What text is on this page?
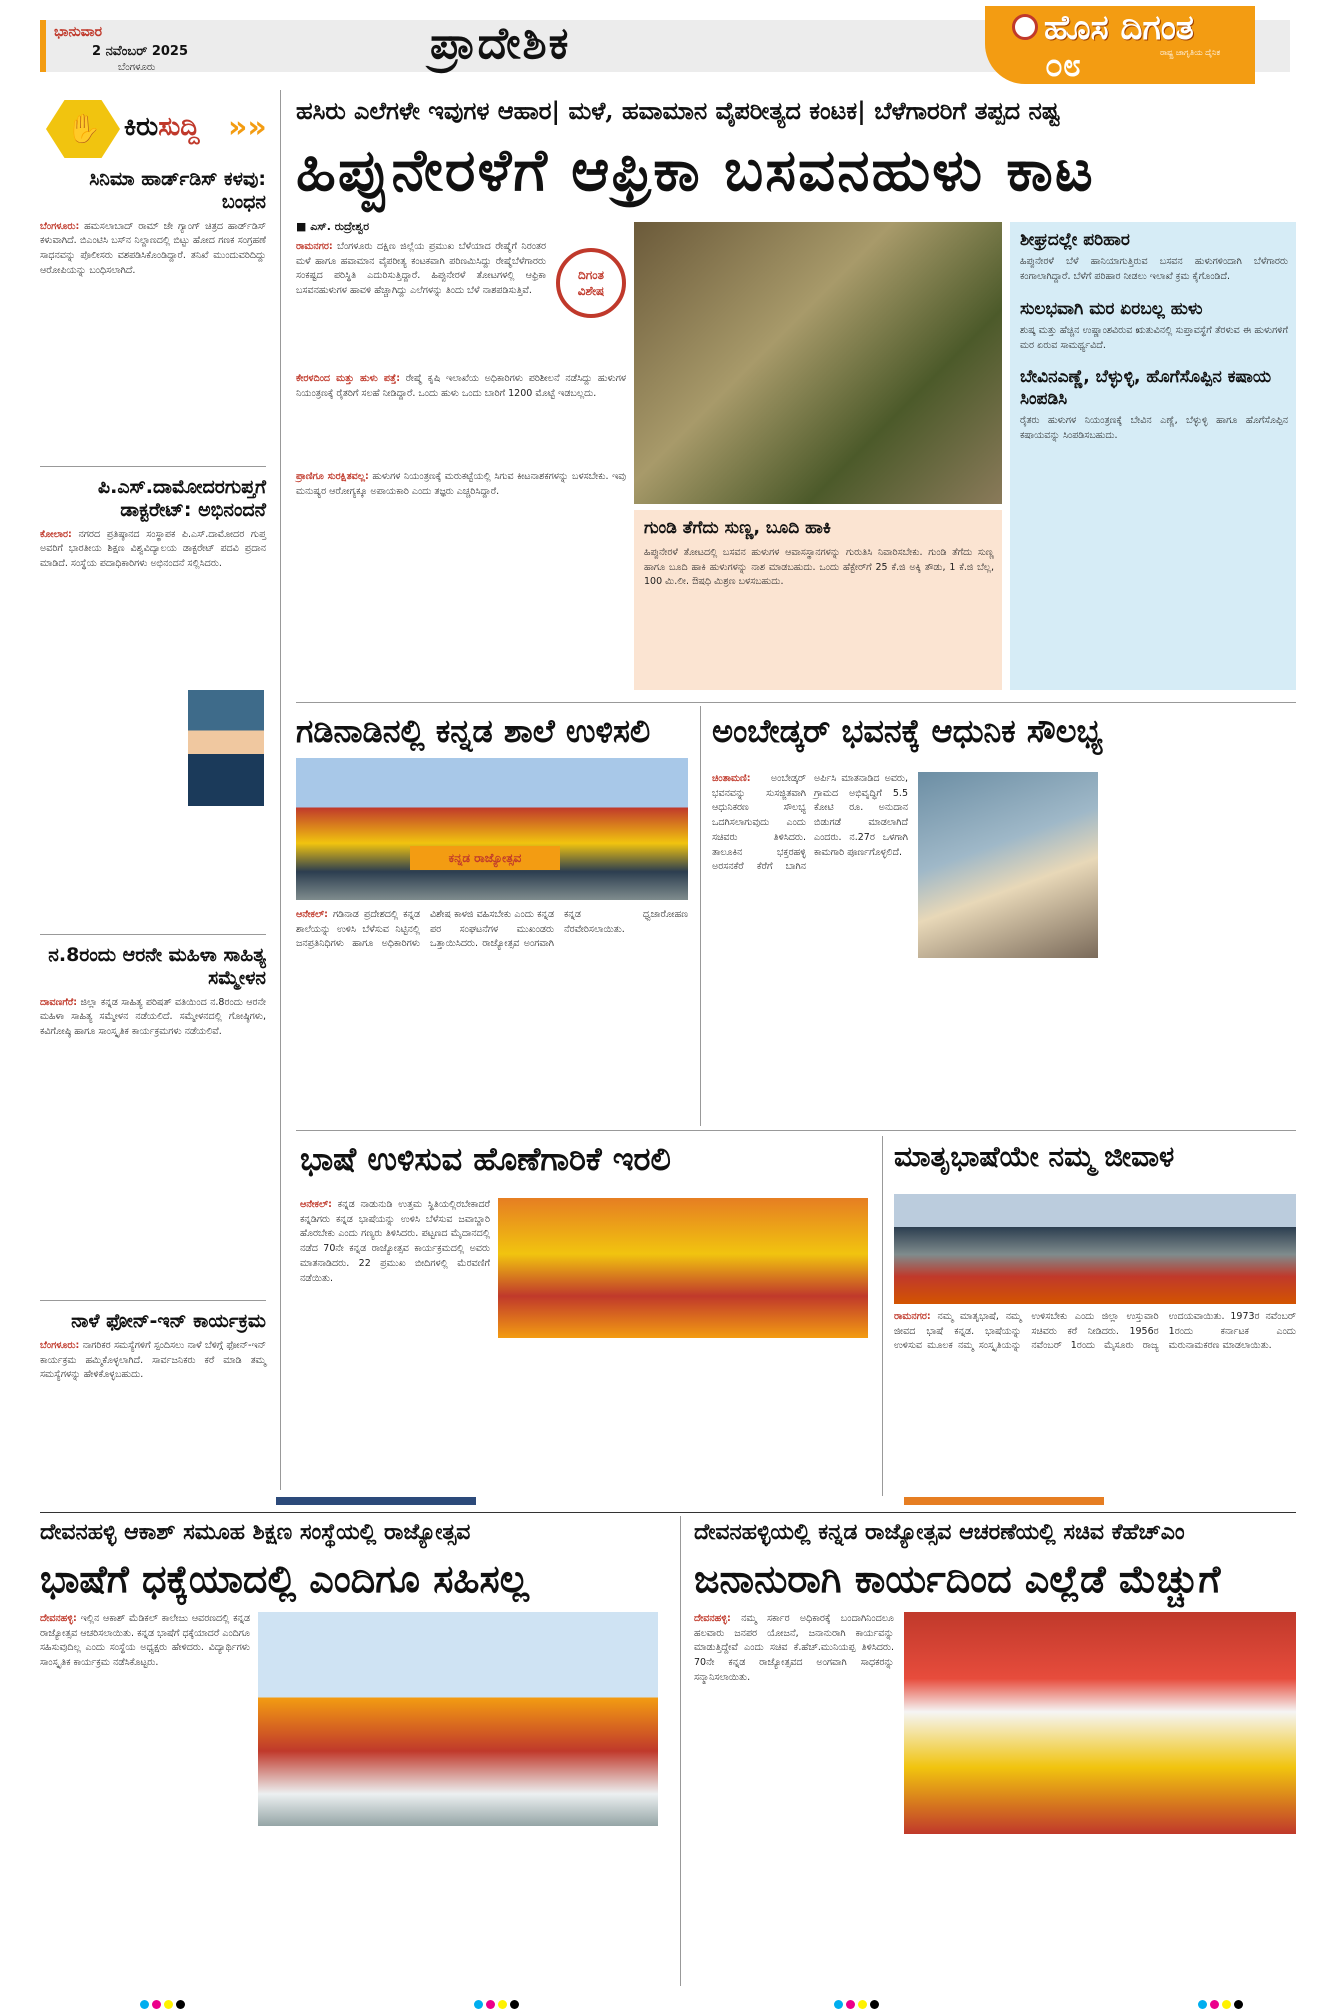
ಭಾನುವಾರ
2 ನವೆಂಬರ್ 2025
ಬೆಂಗಳೂರು	ಪ್ರಾದೇಶಿಕ	ಹೊಸ ದಿಗಂತ
೦೮	ರಾಷ್ಟ್ರ ಜಾಗೃತಿಯ ದೈನಿಕ
✋ ಕಿರುಸುದ್ದಿ »»
ಸಿನಿಮಾ ಹಾರ್ಡ್‌ಡಿಸ್ ಕಳವು: ಬಂಧನ
ಬೆಂಗಳೂರು: ಹಮಸಲಾಬಾದ್ ರಾಮ್ ಜೇ ಗ್ಯಾಂಗ್ ಚಿತ್ರದ ಹಾರ್ಡ್‌ಡಿಸ್ ಕಳುವಾಗಿದೆ. ಬಿಎಂಟಿಸಿ ಬಸ್‌ನ ನಿಲ್ದಾಣದಲ್ಲಿ ಬಿಟ್ಟು ಹೋದ ಗಣಕ ಸಂಗ್ರಹಣೆ ಸಾಧನವನ್ನು ಪೊಲೀಸರು ವಶಪಡಿಸಿಕೊಂಡಿದ್ದಾರೆ. ತನಿಖೆ ಮುಂದುವರಿದಿದ್ದು ಆರೋಪಿಯನ್ನು ಬಂಧಿಸಲಾಗಿದೆ.
ಪಿ.ಎಸ್.ದಾಮೋದರಗುಪ್ತಗೆ ಡಾಕ್ಟರೇಟ್: ಅಭಿನಂದನೆ
ಕೋಲಾರ: ನಗರದ ಪ್ರತಿಷ್ಠಾನದ ಸಂಸ್ಥಾಪಕ ಪಿ.ಎಸ್.ದಾಮೋದರ ಗುಪ್ತ ಅವರಿಗೆ ಭಾರತೀಯ ಶಿಕ್ಷಣ ವಿಶ್ವವಿದ್ಯಾಲಯ ಡಾಕ್ಟರೇಟ್ ಪದವಿ ಪ್ರದಾನ ಮಾಡಿದೆ. ಸಂಸ್ಥೆಯ ಪದಾಧಿಕಾರಿಗಳು ಅಭಿನಂದನೆ ಸಲ್ಲಿಸಿದರು.
ನ.8ರಂದು ಆರನೇ ಮಹಿಳಾ ಸಾಹಿತ್ಯ ಸಮ್ಮೇಳನ
ದಾವಣಗೆರೆ: ಜಿಲ್ಲಾ ಕನ್ನಡ ಸಾಹಿತ್ಯ ಪರಿಷತ್ ವತಿಯಿಂದ ನ.8ರಂದು ಆರನೇ ಮಹಿಳಾ ಸಾಹಿತ್ಯ ಸಮ್ಮೇಳನ ನಡೆಯಲಿದೆ. ಸಮ್ಮೇಳನದಲ್ಲಿ ಗೋಷ್ಠಿಗಳು, ಕವಿಗೋಷ್ಠಿ ಹಾಗೂ ಸಾಂಸ್ಕೃತಿಕ ಕಾರ್ಯಕ್ರಮಗಳು ನಡೆಯಲಿವೆ.
ನಾಳೆ ಫೋನ್-ಇನ್ ಕಾರ್ಯಕ್ರಮ
ಬೆಂಗಳೂರು: ನಾಗರಿಕರ ಸಮಸ್ಯೆಗಳಿಗೆ ಸ್ಪಂದಿಸಲು ನಾಳೆ ಬೆಳಿಗ್ಗೆ ಫೋನ್-ಇನ್ ಕಾರ್ಯಕ್ರಮ ಹಮ್ಮಿಕೊಳ್ಳಲಾಗಿದೆ. ಸಾರ್ವಜನಿಕರು ಕರೆ ಮಾಡಿ ತಮ್ಮ ಸಮಸ್ಯೆಗಳನ್ನು ಹೇಳಿಕೊಳ್ಳಬಹುದು.
ಹಸಿರು ಎಲೆಗಳೇ ಇವುಗಳ ಆಹಾರ| ಮಳೆ, ಹವಾಮಾನ ವೈಪರೀತ್ಯದ ಕಂಟಕ| ಬೆಳೆಗಾರರಿಗೆ ತಪ್ಪದ ನಷ್ಟ
ಹಿಪ್ಪುನೇರಳೆಗೆ ಆಫ್ರಿಕಾ ಬಸವನಹುಳು ಕಾಟ
■ ಎಸ್. ರುದ್ರೇಶ್ವರ
ದಿಗಂತ
ವಿಶೇಷ
ರಾಮನಗರ: ಬೆಂಗಳೂರು ದಕ್ಷಿಣ ಜಿಲ್ಲೆಯ ಪ್ರಮುಖ ಬೆಳೆಯಾದ ರೇಷ್ಮೆಗೆ ನಿರಂತರ ಮಳೆ ಹಾಗೂ ಹವಾಮಾನ ವೈಪರೀತ್ಯ ಕಂಟಕವಾಗಿ ಪರಿಣಮಿಸಿದ್ದು ರೇಷ್ಮೆಬೆಳೆಗಾರರು ಸಂಕಷ್ಟದ ಪರಿಸ್ಥಿತಿ ಎದುರಿಸುತ್ತಿದ್ದಾರೆ. ಹಿಪ್ಪುನೇರಳೆ ತೋಟಗಳಲ್ಲಿ ಆಫ್ರಿಕಾ ಬಸವನಹುಳುಗಳ ಹಾವಳಿ ಹೆಚ್ಚಾಗಿದ್ದು ಎಲೆಗಳನ್ನು ತಿಂದು ಬೆಳೆ ನಾಶಪಡಿಸುತ್ತಿವೆ.
ಕೇರಳದಿಂದ ಮತ್ತು ಹುಳು ಪತ್ತೆ: ರೇಷ್ಮೆ ಕೃಷಿ ಇಲಾಖೆಯ ಅಧಿಕಾರಿಗಳು ಪರಿಶೀಲನೆ ನಡೆಸಿದ್ದು ಹುಳುಗಳ ನಿಯಂತ್ರಣಕ್ಕೆ ರೈತರಿಗೆ ಸಲಹೆ ನೀಡಿದ್ದಾರೆ. ಒಂದು ಹುಳು ಒಂದು ಬಾರಿಗೆ 1200 ಮೊಟ್ಟೆ ಇಡಬಲ್ಲದು.
ಪ್ರಾಣಿಗೂ ಸುರಕ್ಷಿತವಲ್ಲ: ಹುಳುಗಳ ನಿಯಂತ್ರಣಕ್ಕೆ ಮರುಕಟ್ಟೆಯಲ್ಲಿ ಸಿಗುವ ಕೀಟನಾಶಕಗಳನ್ನು ಬಳಸಬೇಕು. ಇವು ಮನುಷ್ಯರ ಆರೋಗ್ಯಕ್ಕೂ ಅಪಾಯಕಾರಿ ಎಂದು ತಜ್ಞರು ಎಚ್ಚರಿಸಿದ್ದಾರೆ.
ಗುಂಡಿ ತೆಗೆದು ಸುಣ್ಣ, ಬೂದಿ ಹಾಕಿ
ಹಿಪ್ಪುನೇರಳೆ ತೋಟದಲ್ಲಿ ಬಸವನ ಹುಳುಗಳ ಆವಾಸಸ್ಥಾನಗಳನ್ನು ಗುರುತಿಸಿ ನಿವಾರಿಸಬೇಕು. ಗುಂಡಿ ತೆಗೆದು ಸುಣ್ಣ ಹಾಗೂ ಬೂದಿ ಹಾಕಿ ಹುಳುಗಳನ್ನು ನಾಶ ಮಾಡಬಹುದು. ಒಂದು ಹೆಕ್ಟೇರ್‌ಗೆ 25 ಕೆ.ಜಿ ಅಕ್ಕಿ ತೌಡು, 1 ಕೆ.ಜಿ ಬೆಲ್ಲ, 100 ಮಿ.ಲೀ. ಔಷಧಿ ಮಿಶ್ರಣ ಬಳಸಬಹುದು.
ಶೀಘ್ರದಲ್ಲೇ ಪರಿಹಾರ
ಹಿಪ್ಪುನೇರಳೆ ಬೆಳೆ ಹಾನಿಯಾಗುತ್ತಿರುವ ಬಸವನ ಹುಳುಗಳಿಂದಾಗಿ ಬೆಳೆಗಾರರು ಕಂಗಾಲಾಗಿದ್ದಾರೆ. ಬೆಳೆಗೆ ಪರಿಹಾರ ನೀಡಲು ಇಲಾಖೆ ಕ್ರಮ ಕೈಗೊಂಡಿದೆ.
ಸುಲಭವಾಗಿ ಮರ ಏರಬಲ್ಲ ಹುಳು
ಶುಷ್ಕ ಮತ್ತು ಹೆಚ್ಚಿನ ಉಷ್ಣಾಂಶವಿರುವ ಋತುವಿನಲ್ಲಿ ಸುಪ್ತಾವಸ್ಥೆಗೆ ತೆರಳುವ ಈ ಹುಳುಗಳಿಗೆ ಮರ ಏರುವ ಸಾಮರ್ಥ್ಯವಿದೆ.
ಬೇವಿನಎಣ್ಣೆ, ಬೆಳ್ಳುಳ್ಳಿ, ಹೊಗೆಸೊಪ್ಪಿನ ಕಷಾಯ ಸಿಂಪಡಿಸಿ
ರೈತರು ಹುಳುಗಳ ನಿಯಂತ್ರಣಕ್ಕೆ ಬೇವಿನ ಎಣ್ಣೆ, ಬೆಳ್ಳುಳ್ಳಿ ಹಾಗೂ ಹೊಗೆಸೊಪ್ಪಿನ ಕಷಾಯವನ್ನು ಸಿಂಪಡಿಸಬಹುದು.
ಗಡಿನಾಡಿನಲ್ಲಿ ಕನ್ನಡ ಶಾಲೆ ಉಳಿಸಲಿ
ಕನ್ನಡ ರಾಜ್ಯೋತ್ಸವ
ಆನೇಕಲ್: ಗಡಿನಾಡ ಪ್ರದೇಶದಲ್ಲಿ ಕನ್ನಡ ಶಾಲೆಯನ್ನು ಉಳಿಸಿ ಬೆಳೆಸುವ ನಿಟ್ಟಿನಲ್ಲಿ ಜನಪ್ರತಿನಿಧಿಗಳು ಹಾಗೂ ಅಧಿಕಾರಿಗಳು ವಿಶೇಷ ಕಾಳಜಿ ವಹಿಸಬೇಕು ಎಂದು ಕನ್ನಡ ಪರ ಸಂಘಟನೆಗಳ ಮುಖಂಡರು ಒತ್ತಾಯಿಸಿದರು. ರಾಜ್ಯೋತ್ಸವ ಅಂಗವಾಗಿ ಕನ್ನಡ ಧ್ವಜಾರೋಹಣ ನೆರವೇರಿಸಲಾಯಿತು.
ಅಂಬೇಡ್ಕರ್ ಭವನಕ್ಕೆ ಆಧುನಿಕ ಸೌಲಭ್ಯ
ಚಿಂತಾಮಣಿ: ಅಂಬೇಡ್ಕರ್ ಭವನವನ್ನು ಸುಸಜ್ಜಿತವಾಗಿ ಆಧುನಿಕರಣ ಸೌಲಭ್ಯ ಒದಗಿಸಲಾಗುವುದು ಎಂದು ಸಚಿವರು ತಿಳಿಸಿದರು. ತಾಲೂಕಿನ ಭಕ್ತರಹಳ್ಳಿ ಅರಸನಕೆರೆ ಕೆರೆಗೆ ಬಾಗಿನ ಅರ್ಪಿಸಿ ಮಾತನಾಡಿದ ಅವರು, ಗ್ರಾಮದ ಅಭಿವೃದ್ಧಿಗೆ 5.5 ಕೋಟಿ ರೂ. ಅನುದಾನ ಬಿಡುಗಡೆ ಮಾಡಲಾಗಿದೆ ಎಂದರು. ನ.27ರ ಒಳಗಾಗಿ ಕಾಮಗಾರಿ ಪೂರ್ಣಗೊಳ್ಳಲಿದೆ.
ಭಾಷೆ ಉಳಿಸುವ ಹೊಣೆಗಾರಿಕೆ ಇರಲಿ
ಆನೇಕಲ್: ಕನ್ನಡ ನಾಡುನುಡಿ ಉತ್ತಮ ಸ್ಥಿತಿಯಲ್ಲಿರಬೇಕಾದರೆ ಕನ್ನಡಿಗರು ಕನ್ನಡ ಭಾಷೆಯನ್ನು ಉಳಿಸಿ ಬೆಳೆಸುವ ಜವಾಬ್ದಾರಿ ಹೊರಬೇಕು ಎಂದು ಗಣ್ಯರು ತಿಳಿಸಿದರು. ಪಟ್ಟಣದ ಮೈದಾನದಲ್ಲಿ ನಡೆದ 70ನೇ ಕನ್ನಡ ರಾಜ್ಯೋತ್ಸವ ಕಾರ್ಯಕ್ರಮದಲ್ಲಿ ಅವರು ಮಾತನಾಡಿದರು. 22 ಪ್ರಮುಖ ಬೀದಿಗಳಲ್ಲಿ ಮೆರವಣಿಗೆ ನಡೆಯಿತು.
ಮಾತೃಭಾಷೆಯೇ ನಮ್ಮ ಜೀವಾಳ
ರಾಮನಗರ: ನಮ್ಮ ಮಾತೃಭಾಷೆ, ನಮ್ಮ ಜೀವದ ಭಾಷೆ ಕನ್ನಡ. ಭಾಷೆಯನ್ನು ಉಳಿಸುವ ಮೂಲಕ ನಮ್ಮ ಸಂಸ್ಕೃತಿಯನ್ನು ಉಳಿಸಬೇಕು ಎಂದು ಜಿಲ್ಲಾ ಉಸ್ತುವಾರಿ ಸಚಿವರು ಕರೆ ನೀಡಿದರು. 1956ರ ನವೆಂಬರ್ 1ರಂದು ಮೈಸೂರು ರಾಜ್ಯ ಉದಯವಾಯಿತು. 1973ರ ನವೆಂಬರ್ 1ರಂದು ಕರ್ನಾಟಕ ಎಂದು ಮರುನಾಮಕರಣ ಮಾಡಲಾಯಿತು.
ದೇವನಹಳ್ಳಿ ಆಕಾಶ್ ಸಮೂಹ ಶಿಕ್ಷಣ ಸಂಸ್ಥೆಯಲ್ಲಿ ರಾಜ್ಯೋತ್ಸವ
ಭಾಷೆಗೆ ಧಕ್ಕೆಯಾದಲ್ಲಿ ಎಂದಿಗೂ ಸಹಿಸಲ್ಲ
ದೇವನಹಳ್ಳಿ: ಇಲ್ಲಿನ ಆಕಾಶ್ ಮೆಡಿಕಲ್ ಕಾಲೇಜು ಆವರಣದಲ್ಲಿ ಕನ್ನಡ ರಾಜ್ಯೋತ್ಸವ ಆಚರಿಸಲಾಯಿತು. ಕನ್ನಡ ಭಾಷೆಗೆ ಧಕ್ಕೆಯಾದರೆ ಎಂದಿಗೂ ಸಹಿಸುವುದಿಲ್ಲ ಎಂದು ಸಂಸ್ಥೆಯ ಅಧ್ಯಕ್ಷರು ಹೇಳಿದರು. ವಿದ್ಯಾರ್ಥಿಗಳು ಸಾಂಸ್ಕೃತಿಕ ಕಾರ್ಯಕ್ರಮ ನಡೆಸಿಕೊಟ್ಟರು.
ದೇವನಹಳ್ಳಿಯಲ್ಲಿ ಕನ್ನಡ ರಾಜ್ಯೋತ್ಸವ ಆಚರಣೆಯಲ್ಲಿ ಸಚಿವ ಕೆಹೆಚ್‌ಎಂ
ಜನಾನುರಾಗಿ ಕಾರ್ಯದಿಂದ ಎಲ್ಲೆಡೆ ಮೆಚ್ಚುಗೆ
ದೇವನಹಳ್ಳಿ: ನಮ್ಮ ಸರ್ಕಾರ ಅಧಿಕಾರಕ್ಕೆ ಬಂದಾಗಿನಿಂದಲೂ ಹಲವಾರು ಜನಪರ ಯೋಜನೆ, ಜನಾನುರಾಗಿ ಕಾರ್ಯವನ್ನು ಮಾಡುತ್ತಿದ್ದೇವೆ ಎಂದು ಸಚಿವ ಕೆ.ಹೆಚ್.ಮುನಿಯಪ್ಪ ತಿಳಿಸಿದರು. 70ನೇ ಕನ್ನಡ ರಾಜ್ಯೋತ್ಸವದ ಅಂಗವಾಗಿ ಸಾಧಕರನ್ನು ಸನ್ಮಾನಿಸಲಾಯಿತು.
